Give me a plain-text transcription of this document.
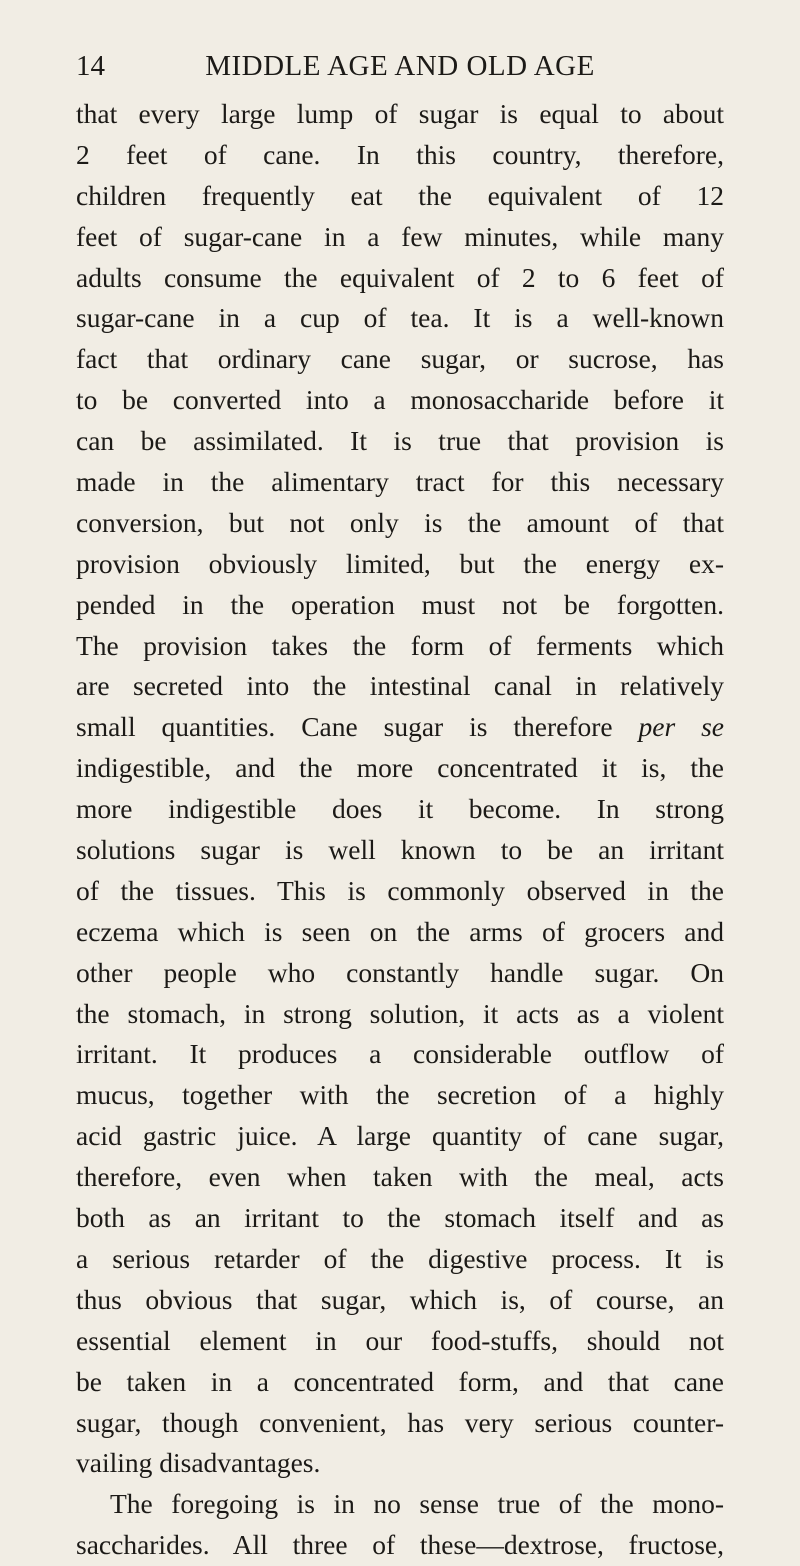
14	MIDDLE AGE AND OLD AGE
that every large lump of sugar is equal to about
2 feet of cane. In this country, therefore,
children frequently eat the equivalent of 12
feet of sugar-cane in a few minutes, while many
adults consume the equivalent of 2 to 6 feet of
sugar-cane in a cup of tea. It is a well-known
fact that ordinary cane sugar, or sucrose, has
to be converted into a monosaccharide before it
can be assimilated. It is true that provision is
made in the alimentary tract for this necessary
conversion, but not only is the amount of that
provision obviously limited, but the energy ex-
pended in the operation must not be forgotten.
The provision takes the form of ferments which
are secreted into the intestinal canal in relatively
small quantities. Cane sugar is therefore per se
indigestible, and the more concentrated it is, the
more indigestible does it become. In strong
solutions sugar is well known to be an irritant
of the tissues. This is commonly observed in the
eczema which is seen on the arms of grocers and
other people who constantly handle sugar. On
the stomach, in strong solution, it acts as a violent
irritant. It produces a considerable outflow of
mucus, together with the secretion of a highly
acid gastric juice. A large quantity of cane sugar,
therefore, even when taken with the meal, acts
both as an irritant to the stomach itself and as
a serious retarder of the digestive process. It is
thus obvious that sugar, which is, of course, an
essential element in our food-stuffs, should not
be taken in a concentrated form, and that cane
sugar, though convenient, has very serious counter-
vailing disadvantages.
The foregoing is in no sense true of the mono-
saccharides. All three of these—dextrose, fructose,
